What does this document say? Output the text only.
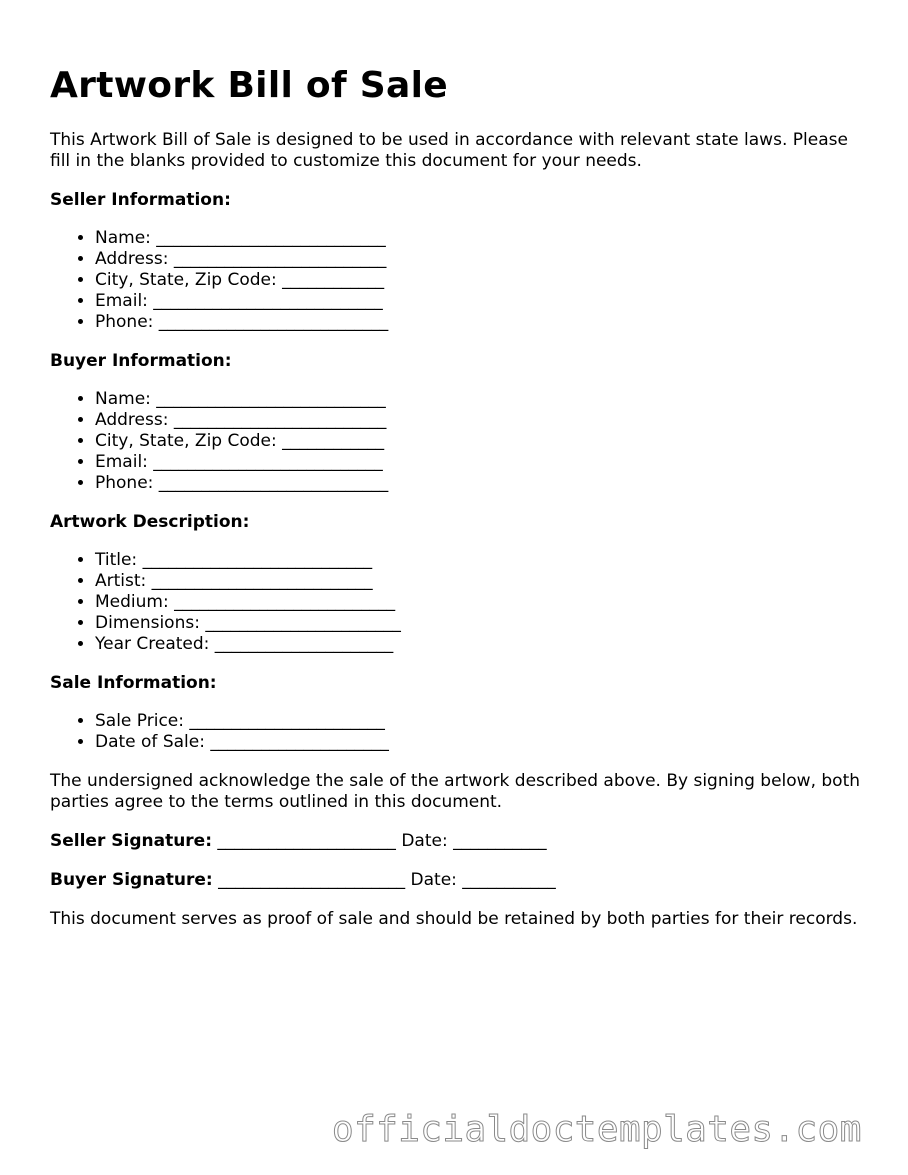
Artwork Bill of Sale

This Artwork Bill of Sale is designed to be used in accordance with relevant state laws. Please fill in the blanks provided to customize this document for your needs.

Seller Information:

• Name: ___________________________
• Address: _________________________
• City, State, Zip Code: ____________
• Email: ___________________________
• Phone: ___________________________

Buyer Information:

• Name: ___________________________
• Address: _________________________
• City, State, Zip Code: ____________
• Email: ___________________________
• Phone: ___________________________

Artwork Description:

• Title: ___________________________
• Artist: __________________________
• Medium: __________________________
• Dimensions: _______________________
• Year Created: _____________________

Sale Information:

• Sale Price: _______________________
• Date of Sale: _____________________

The undersigned acknowledge the sale of the artwork described above. By signing below, both parties agree to the terms outlined in this document.

Seller Signature: _____________________ Date: ___________

Buyer Signature: ______________________ Date: ___________

This document serves as proof of sale and should be retained by both parties for their records.

officialdoctemplates.com
